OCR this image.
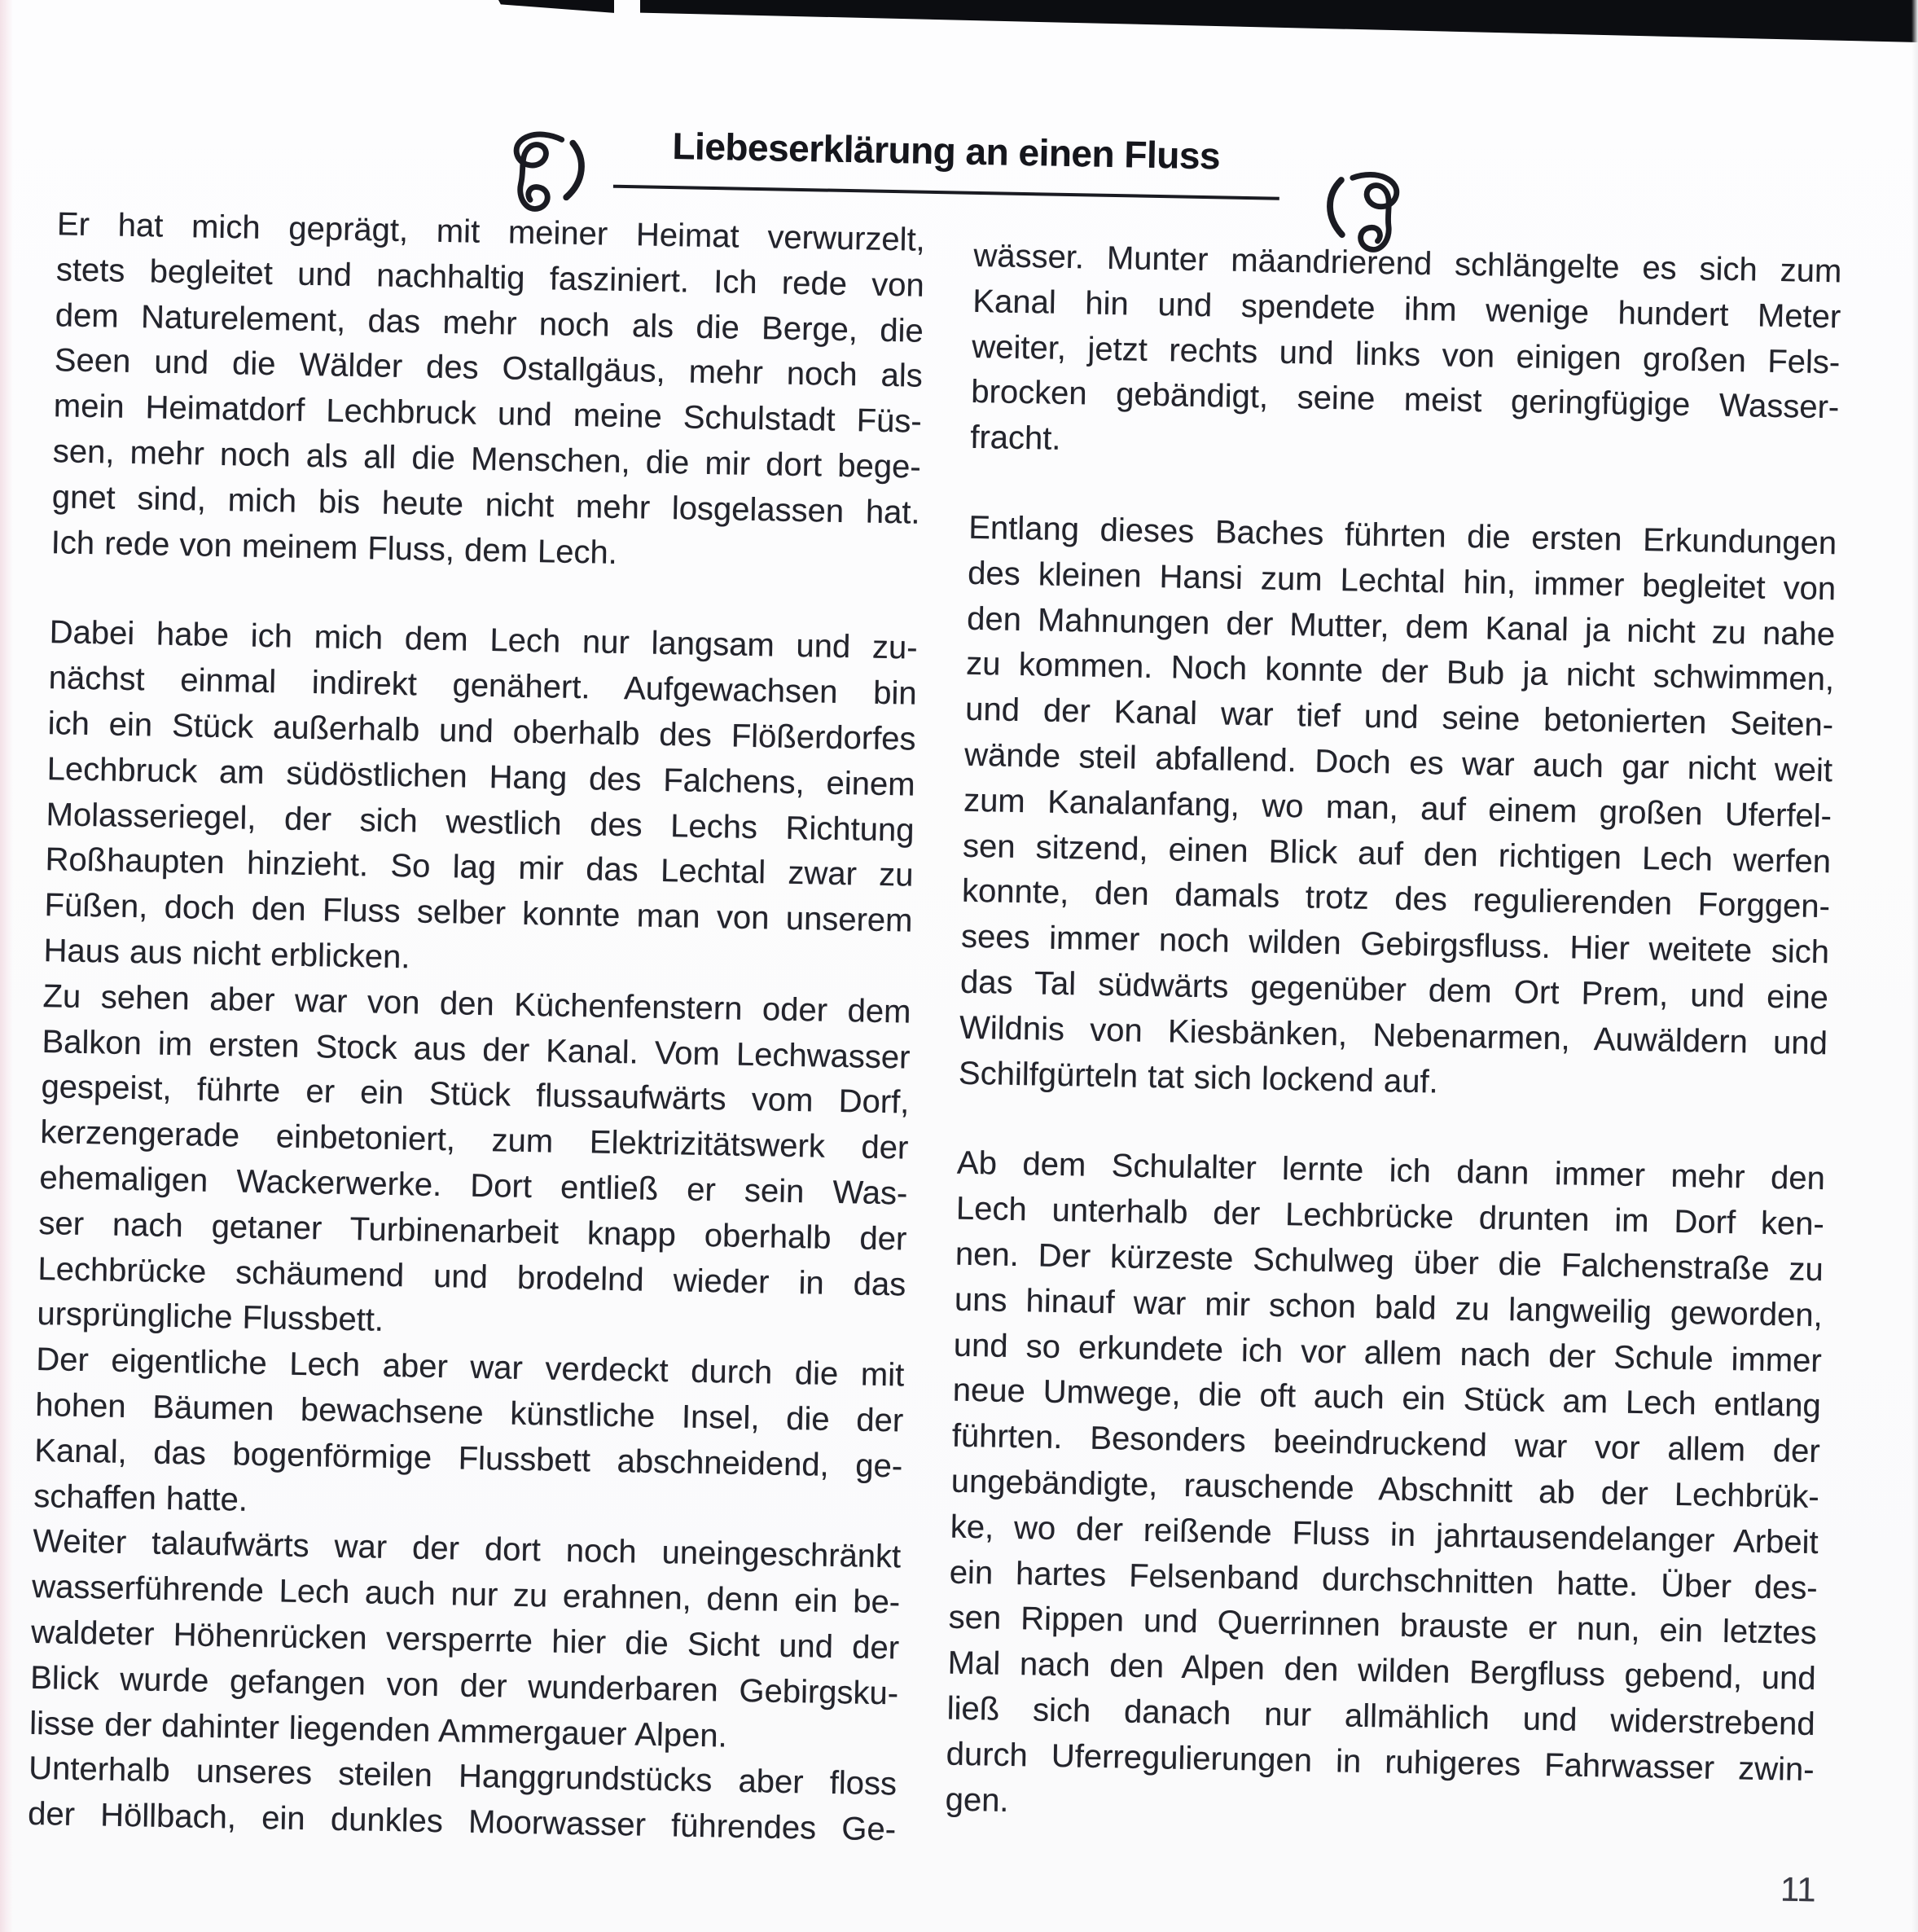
Liebeserklärung an einen Fluss
Er hat mich geprägt, mit meiner Heimat verwurzelt,
stets begleitet und nachhaltig fasziniert. Ich rede von
dem Naturelement, das mehr noch als die Berge, die
Seen und die Wälder des Ostallgäus, mehr noch als
mein Heimatdorf Lechbruck und meine Schulstadt Füs-
sen, mehr noch als all die Menschen, die mir dort bege-
gnet sind, mich bis heute nicht mehr losgelassen hat.
Ich rede von meinem Fluss, dem Lech.
Dabei habe ich mich dem Lech nur langsam und zu-
nächst einmal indirekt genähert. Aufgewachsen bin
ich ein Stück außerhalb und oberhalb des Flößerdorfes
Lechbruck am südöstlichen Hang des Falchens, einem
Molasseriegel, der sich westlich des Lechs Richtung
Roßhaupten hinzieht. So lag mir das Lechtal zwar zu
Füßen, doch den Fluss selber konnte man von unserem
Haus aus nicht erblicken.
Zu sehen aber war von den Küchenfenstern oder dem
Balkon im ersten Stock aus der Kanal. Vom Lechwasser
gespeist, führte er ein Stück flussaufwärts vom Dorf,
kerzengerade einbetoniert, zum Elektrizitätswerk der
ehemaligen Wackerwerke. Dort entließ er sein Was-
ser nach getaner Turbinenarbeit knapp oberhalb der
Lechbrücke schäumend und brodelnd wieder in das
ursprüngliche Flussbett.
Der eigentliche Lech aber war verdeckt durch die mit
hohen Bäumen bewachsene künstliche Insel, die der
Kanal, das bogenförmige Flussbett abschneidend, ge-
schaffen hatte.
Weiter talaufwärts war der dort noch uneingeschränkt
wasserführende Lech auch nur zu erahnen, denn ein be-
waldeter Höhenrücken versperrte hier die Sicht und der
Blick wurde gefangen von der wunderbaren Gebirgsku-
lisse der dahinter liegenden Ammergauer Alpen.
Unterhalb unseres steilen Hanggrundstücks aber floss
der Höllbach, ein dunkles Moorwasser führendes Ge-
wässer. Munter mäandrierend schlängelte es sich zum
Kanal hin und spendete ihm wenige hundert Meter
weiter, jetzt rechts und links von einigen großen Fels-
brocken gebändigt, seine meist geringfügige Wasser-
fracht.
Entlang dieses Baches führten die ersten Erkundungen
des kleinen Hansi zum Lechtal hin, immer begleitet von
den Mahnungen der Mutter, dem Kanal ja nicht zu nahe
zu kommen. Noch konnte der Bub ja nicht schwimmen,
und der Kanal war tief und seine betonierten Seiten-
wände steil abfallend. Doch es war auch gar nicht weit
zum Kanalanfang, wo man, auf einem großen Uferfel-
sen sitzend, einen Blick auf den richtigen Lech werfen
konnte, den damals trotz des regulierenden Forggen-
sees immer noch wilden Gebirgsfluss. Hier weitete sich
das Tal südwärts gegenüber dem Ort Prem, und eine
Wildnis von Kiesbänken, Nebenarmen, Auwäldern und
Schilfgürteln tat sich lockend auf.
Ab dem Schulalter lernte ich dann immer mehr den
Lech unterhalb der Lechbrücke drunten im Dorf ken-
nen. Der kürzeste Schulweg über die Falchenstraße zu
uns hinauf war mir schon bald zu langweilig geworden,
und so erkundete ich vor allem nach der Schule immer
neue Umwege, die oft auch ein Stück am Lech entlang
führten. Besonders beeindruckend war vor allem der
ungebändigte, rauschende Abschnitt ab der Lechbrük-
ke, wo der reißende Fluss in jahrtausendelanger Arbeit
ein hartes Felsenband durchschnitten hatte. Über des-
sen Rippen und Querrinnen brauste er nun, ein letztes
Mal nach den Alpen den wilden Bergfluss gebend, und
ließ sich danach nur allmählich und widerstrebend
durch Uferregulierungen in ruhigeres Fahrwasser zwin-
gen.
11
